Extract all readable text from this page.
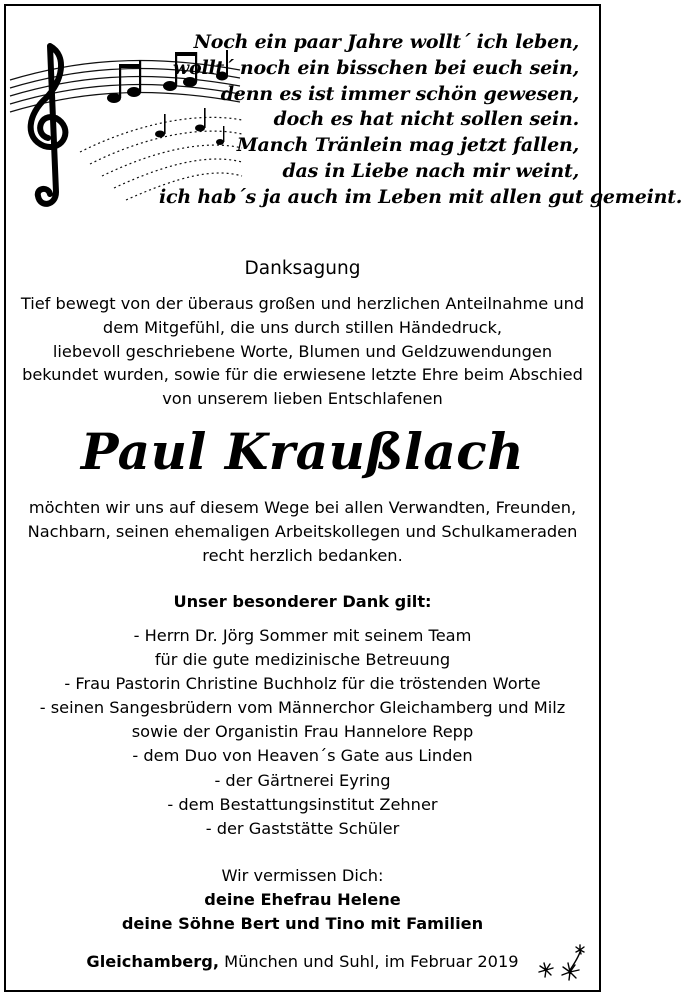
Noch ein paar Jahre wollt´ ich leben,
wollt´ noch ein bisschen bei euch sein,
denn es ist immer schön gewesen,
doch es hat nicht sollen sein.
Manch Tränlein mag jetzt fallen,
das in Liebe nach mir weint,
ich hab´s ja auch im Leben mit allen gut gemeint.
Danksagung
Tief bewegt von der überaus großen und herzlichen Anteilnahme und
dem Mitgefühl, die uns durch stillen Händedruck,
liebevoll geschriebene Worte, Blumen und Geldzuwendungen
bekundet wurden, sowie für die erwiesene letzte Ehre beim Abschied
von unserem lieben Entschlafenen
Paul Kraußlach
möchten wir uns auf diesem Wege bei allen Verwandten, Freunden,
Nachbarn, seinen ehemaligen Arbeitskollegen und Schulkameraden
recht herzlich bedanken.
Unser besonderer Dank gilt:
- Herrn Dr. Jörg Sommer mit seinem Team
für die gute medizinische Betreuung
- Frau Pastorin Christine Buchholz für die tröstenden Worte
- seinen Sangesbrüdern vom Männerchor Gleichamberg und Milz
sowie der Organistin Frau Hannelore Repp
- dem Duo von Heaven´s Gate aus Linden
- der Gärtnerei Eyring
- dem Bestattungsinstitut Zehner
- der Gaststätte Schüler
Wir vermissen Dich:
deine Ehefrau Helene
deine Söhne Bert und Tino mit Familien
Gleichamberg, München und Suhl, im Februar 2019
